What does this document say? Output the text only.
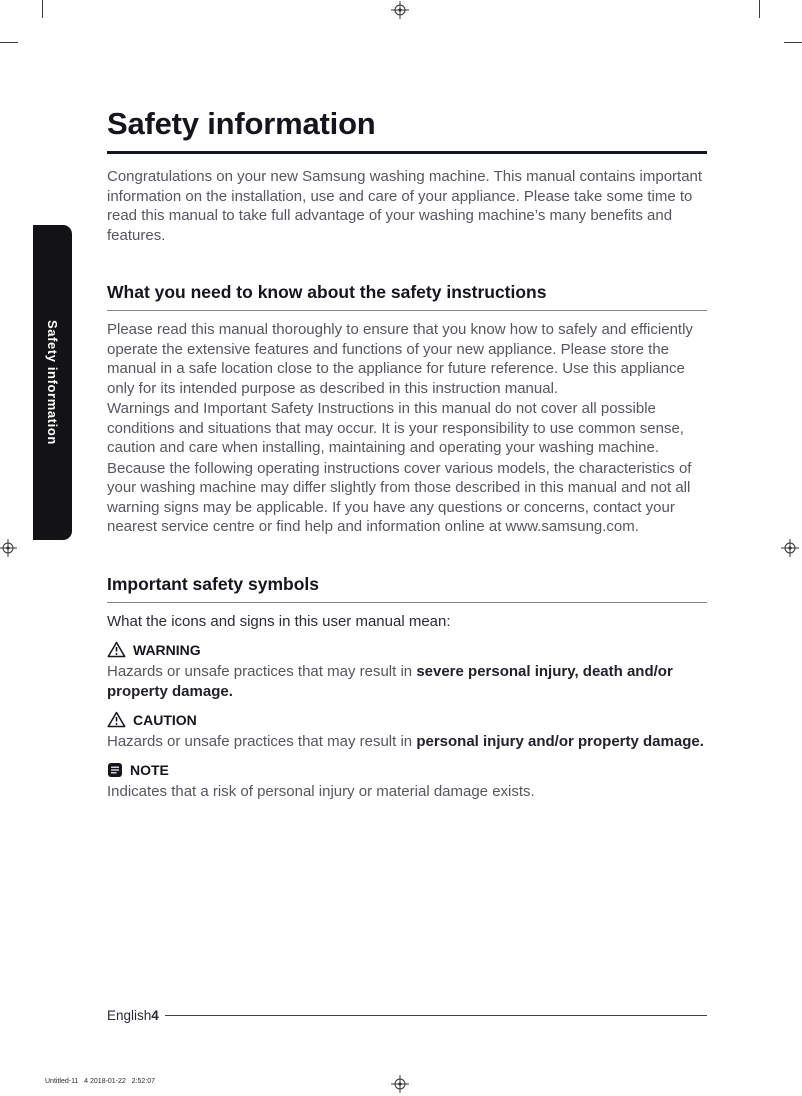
Safety information
Safety information

Congratulations on your new Samsung washing machine. This manual contains important information on the installation, use and care of your appliance. Please take some time to read this manual to take full advantage of your washing machine’s many benefits and features.

What you need to know about the safety instructions

Please read this manual thoroughly to ensure that you know how to safely and efficiently operate the extensive features and functions of your new appliance. Please store the manual in a safe location close to the appliance for future reference. Use this appliance only for its intended purpose as described in this instruction manual.

Warnings and Important Safety Instructions in this manual do not cover all possible conditions and situations that may occur. It is your responsibility to use common sense, caution and care when installing, maintaining and operating your washing machine.

Because the following operating instructions cover various models, the characteristics of your washing machine may differ slightly from those described in this manual and not all warning signs may be applicable. If you have any questions or concerns, contact your nearest service centre or find help and information online at www.samsung.com.

Important safety symbols

What the icons and signs in this user manual mean:

WARNING

Hazards or unsafe practices that may result in severe personal injury, death and/or property damage.

CAUTION

Hazards or unsafe practices that may result in personal injury and/or property damage.

NOTE

Indicates that a risk of personal injury or material damage exists.

English 4
Untitled-11   4 2018-01-22   2:52:07
